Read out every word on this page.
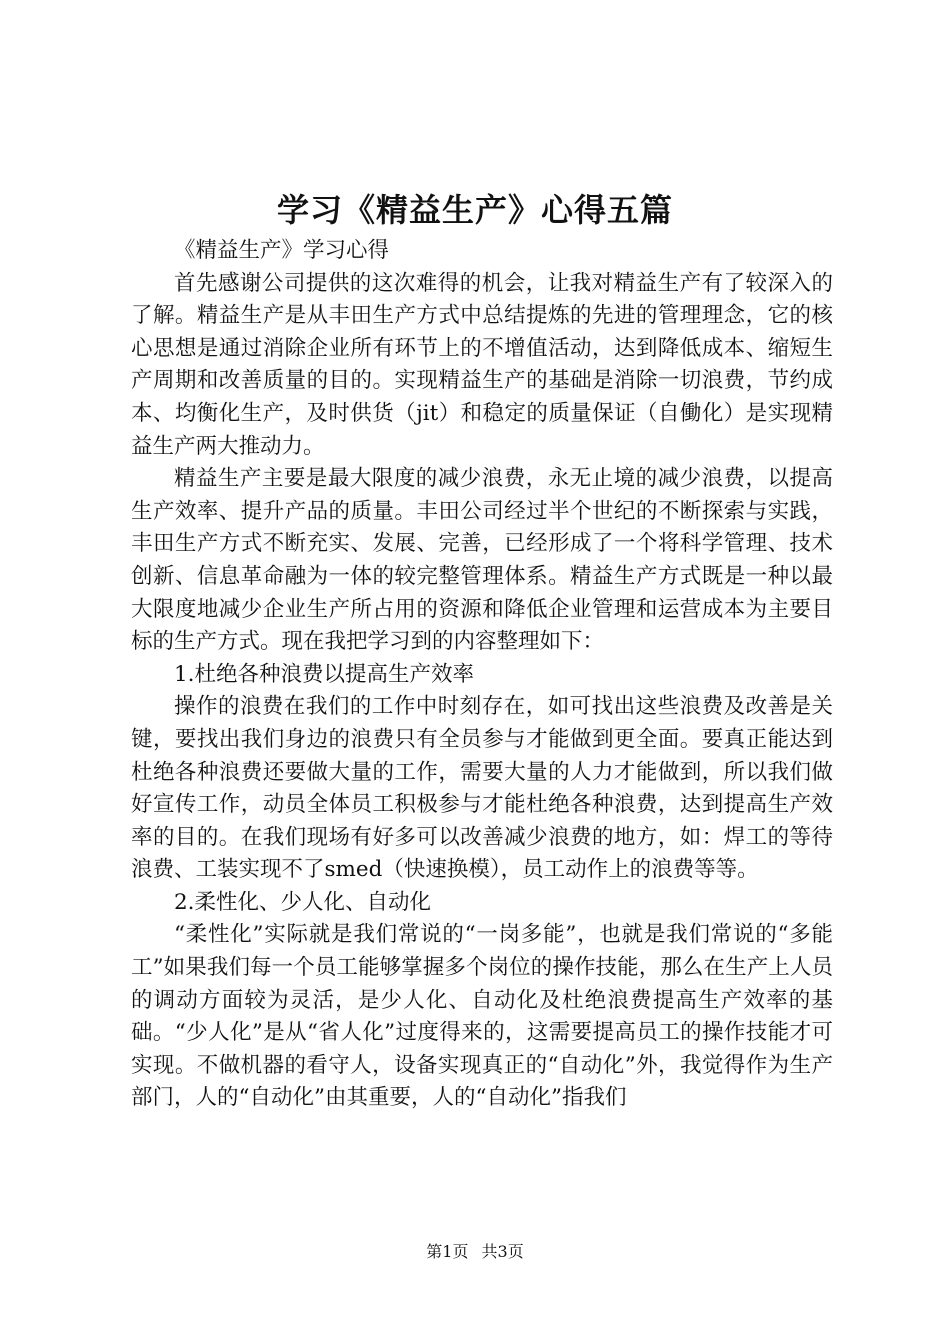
学习《精益生产》心得五篇

《精益生产》学习心得

首先感谢公司提供的这次难得的机会，让我对精益生产有了较深入的了解。精益生产是从丰田生产方式中总结提炼的先进的管理理念，它的核心思想是通过消除企业所有环节上的不增值活动，达到降低成本、缩短生产周期和改善质量的目的。实现精益生产的基础是消除一切浪费，节约成本、均衡化生产，及时供货（jit）和稳定的质量保证（自働化）是实现精益生产两大推动力。

精益生产主要是最大限度的减少浪费，永无止境的减少浪费，以提高生产效率、提升产品的质量。丰田公司经过半个世纪的不断探索与实践，丰田生产方式不断充实、发展、完善，已经形成了一个将科学管理、技术创新、信息革命融为一体的较完整管理体系。精益生产方式既是一种以最大限度地减少企业生产所占用的资源和降低企业管理和运营成本为主要目标的生产方式。现在我把学习到的内容整理如下：

1.杜绝各种浪费以提高生产效率

操作的浪费在我们的工作中时刻存在，如可找出这些浪费及改善是关键，要找出我们身边的浪费只有全员参与才能做到更全面。要真正能达到杜绝各种浪费还要做大量的工作，需要大量的人力才能做到，所以我们做好宣传工作，动员全体员工积极参与才能杜绝各种浪费，达到提高生产效率的目的。在我们现场有好多可以改善减少浪费的地方，如：焊工的等待浪费、工装实现不了smed（快速换模），员工动作上的浪费等等。

2.柔性化、少人化、自动化

“柔性化”实际就是我们常说的“一岗多能”，也就是我们常说的“多能工”如果我们每一个员工能够掌握多个岗位的操作技能，那么在生产上人员的调动方面较为灵活，是少人化、自动化及杜绝浪费提高生产效率的基础。“少人化”是从“省人化”过度得来的，这需要提高员工的操作技能才可实现。不做机器的看守人，设备实现真正的“自动化”外，我觉得作为生产部门，人的“自动化”由其重要，人的“自动化”指我们

第1页 共3页
